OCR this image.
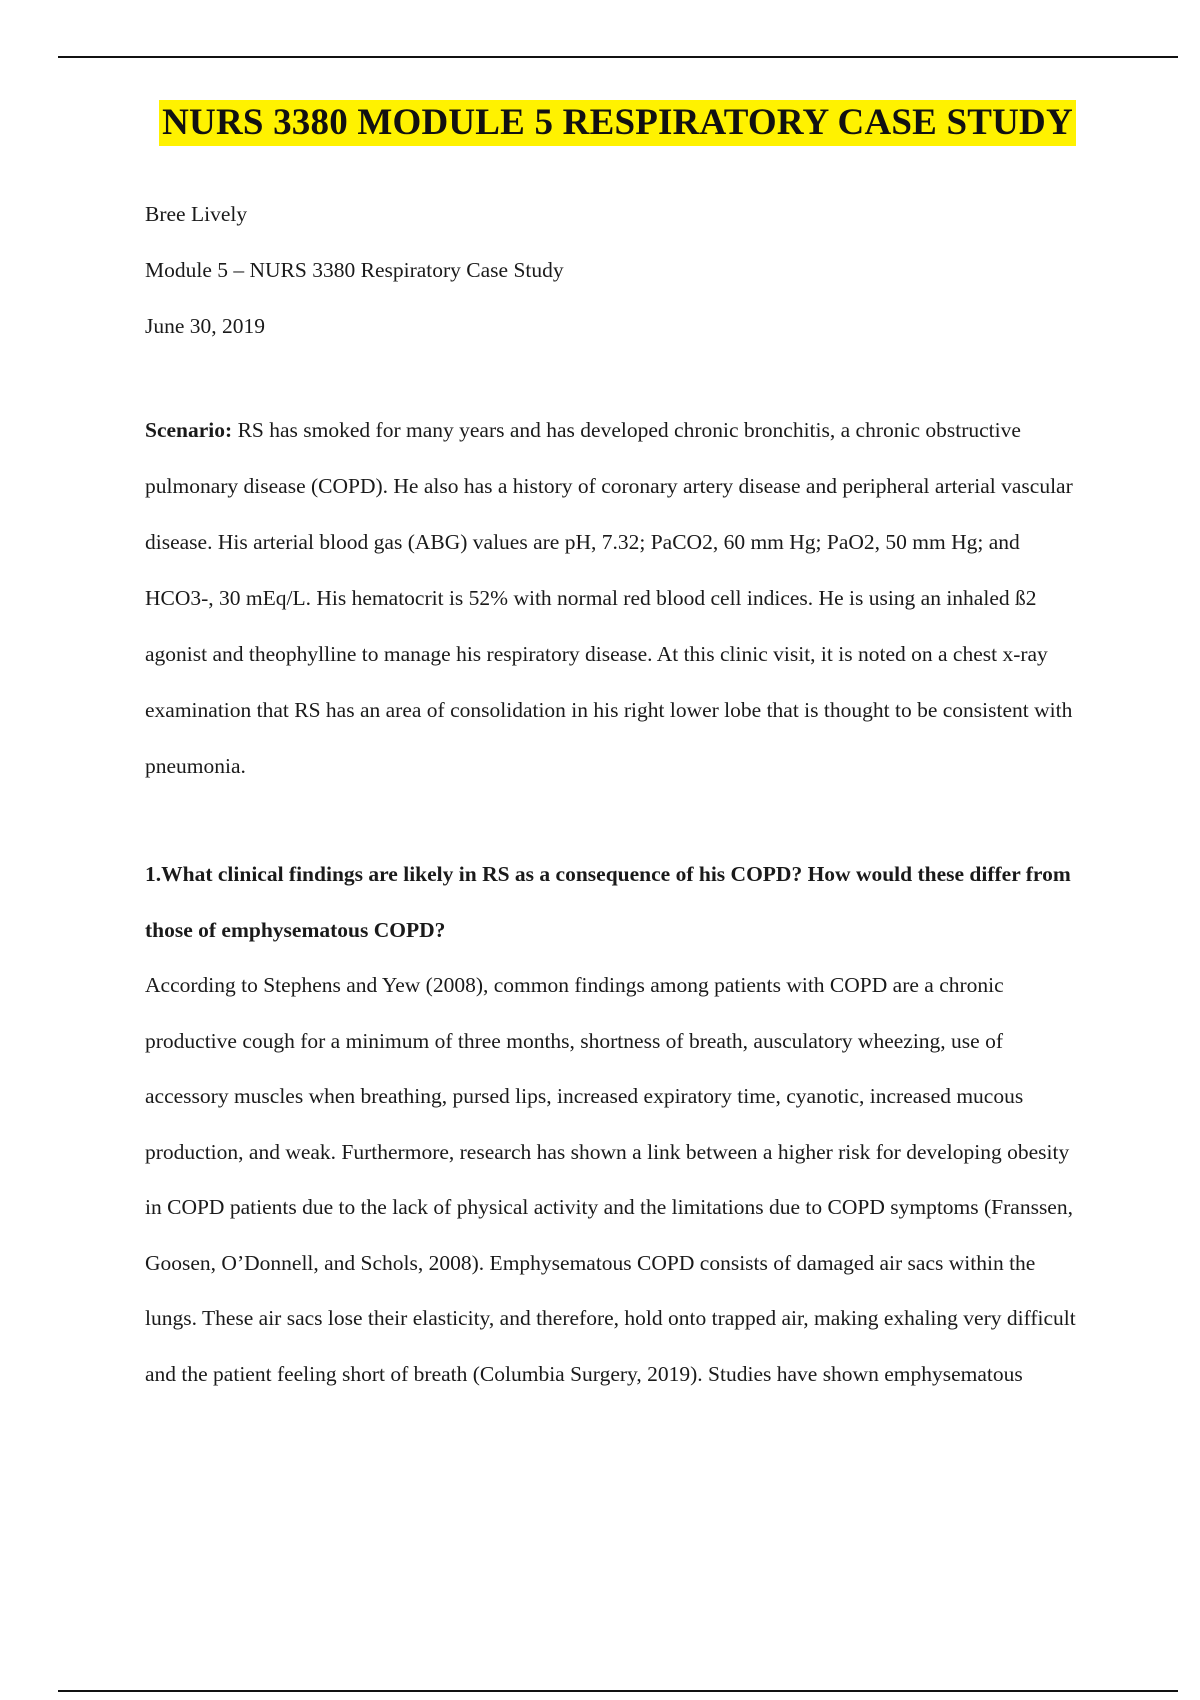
NURS 3380 MODULE 5 RESPIRATORY CASE STUDY

Bree Lively

Module 5 – NURS 3380 Respiratory Case Study

June 30, 2019

Scenario: RS has smoked for many years and has developed chronic bronchitis, a chronic obstructive pulmonary disease (COPD). He also has a history of coronary artery disease and peripheral arterial vascular disease. His arterial blood gas (ABG) values are pH, 7.32; PaCO2, 60 mm Hg; PaO2, 50 mm Hg; and HCO3-, 30 mEq/L. His hematocrit is 52% with normal red blood cell indices. He is using an inhaled ß2 agonist and theophylline to manage his respiratory disease. At this clinic visit, it is noted on a chest x-ray examination that RS has an area of consolidation in his right lower lobe that is thought to be consistent with pneumonia.

1.What clinical findings are likely in RS as a consequence of his COPD? How would these differ from those of emphysematous COPD?

According to Stephens and Yew (2008), common findings among patients with COPD are a chronic productive cough for a minimum of three months, shortness of breath, ausculatory wheezing, use of accessory muscles when breathing, pursed lips, increased expiratory time, cyanotic, increased mucous production, and weak. Furthermore, research has shown a link between a higher risk for developing obesity in COPD patients due to the lack of physical activity and the limitations due to COPD symptoms (Franssen, Goosen, O’Donnell, and Schols, 2008). Emphysematous COPD consists of damaged air sacs within the lungs. These air sacs lose their elasticity, and therefore, hold onto trapped air, making exhaling very difficult and the patient feeling short of breath (Columbia Surgery, 2019). Studies have shown emphysematous
